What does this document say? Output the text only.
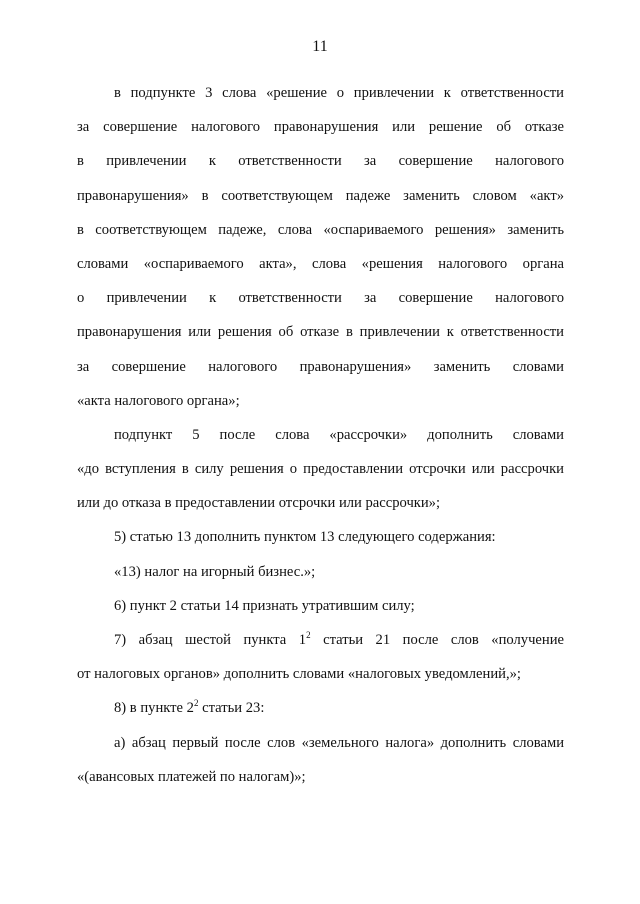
11
в подпункте 3 слова «решение о привлечении к ответственности
за совершение налогового правонарушения или решение об отказе
в привлечении к ответственности за совершение налогового
правонарушения» в соответствующем падеже заменить словом «акт»
в соответствующем падеже, слова «оспариваемого решения» заменить
словами «оспариваемого акта», слова «решения налогового органа
о привлечении к ответственности за совершение налогового
правонарушения или решения об отказе в привлечении к ответственности
за совершение налогового правонарушения» заменить словами
«акта налогового органа»;
подпункт 5 после слова «рассрочки» дополнить словами
«до вступления в силу решения о предоставлении отсрочки или рассрочки
или до отказа в предоставлении отсрочки или рассрочки»;
5) статью 13 дополнить пунктом 13 следующего содержания:
«13) налог на игорный бизнес.»;
6) пункт 2 статьи 14 признать утратившим силу;
7) абзац шестой пункта $1^2$ статьи 21 после слов «получение
от налоговых органов» дополнить словами «налоговых уведомлений,»;
8) в пункте $2^2$ статьи 23:
а) абзац первый после слов «земельного налога» дополнить словами
«(авансовых платежей по налогам)»;
